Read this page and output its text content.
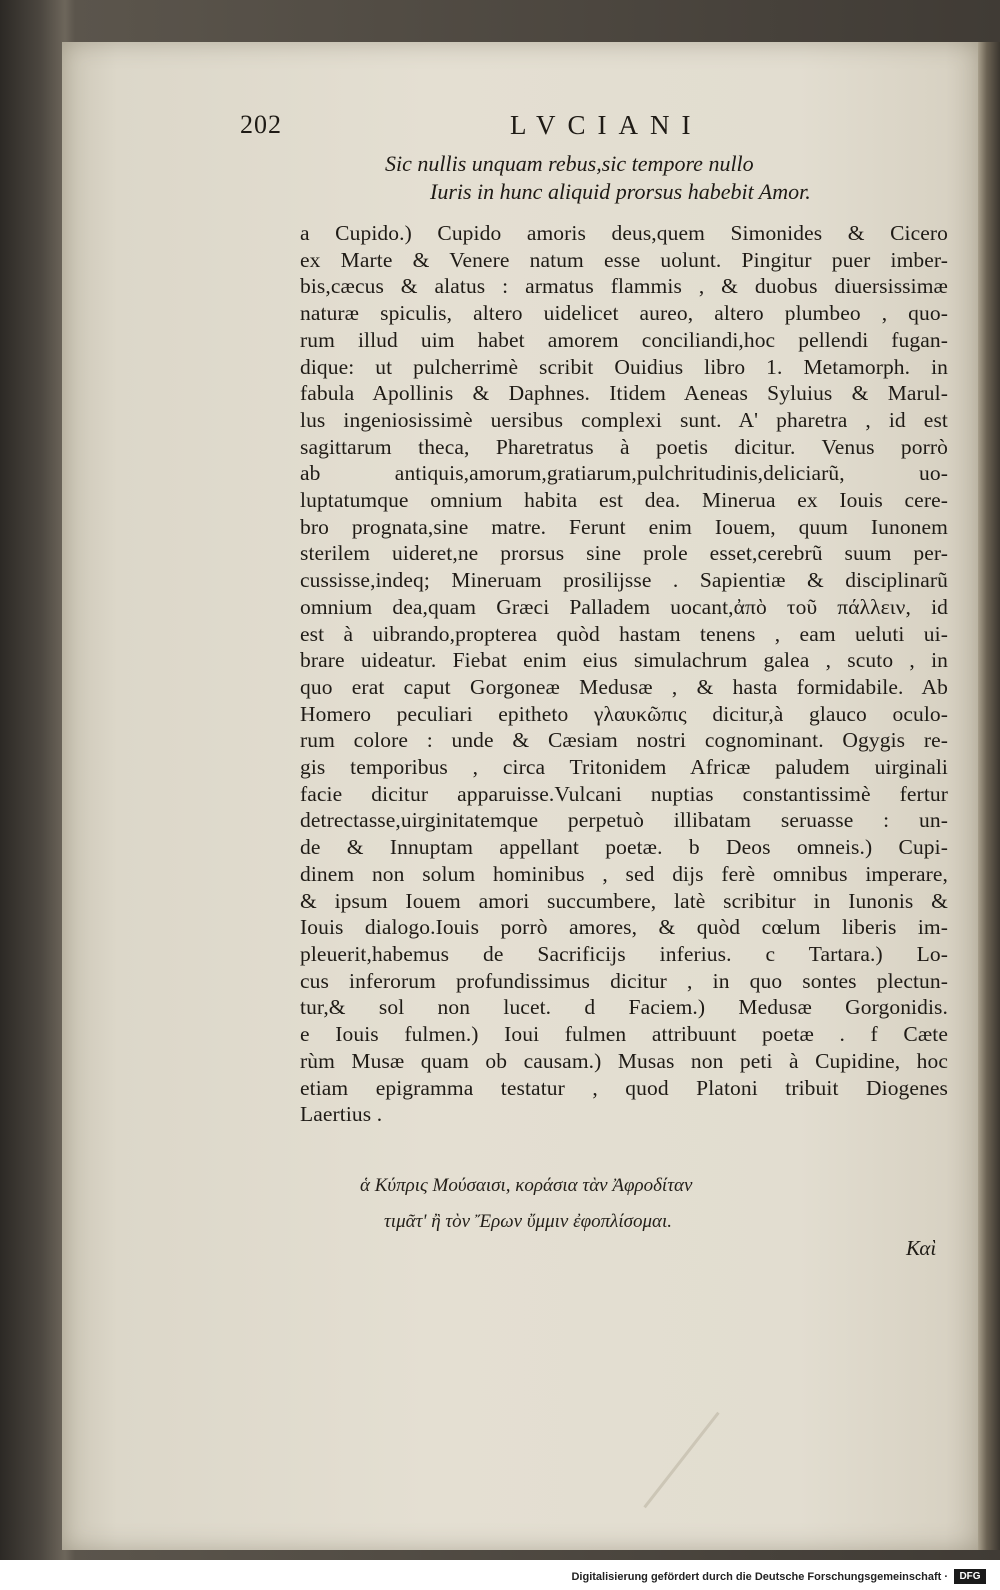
202	LVCIANI
Sic nullis unquam rebus,sic tempore nullo
Iuris in hunc aliquid prorsus habebit Amor.
a Cupido.) Cupido amoris deus,quem Simonides & Cicero
ex Marte & Venere natum esse uolunt. Pingitur puer imber-
bis,cæcus & alatus : armatus flammis , & duobus diuersissimæ
naturæ spiculis, altero uidelicet aureo, altero plumbeo , quo-
rum illud uim habet amorem conciliandi,hoc pellendi fugan-
dique: ut pulcherrimè scribit Ouidius libro 1. Metamorph. in
fabula Apollinis & Daphnes. Itidem Aeneas Syluius & Marul-
lus ingeniosissimè uersibus complexi sunt. A' pharetra , id est
sagittarum theca, Pharetratus à poetis dicitur. Venus porrò
ab antiquis,amorum,gratiarum,pulchritudinis,deliciarũ, uo-
luptatumque omnium habita est dea. Minerua ex Iouis cere-
bro prognata,sine matre. Ferunt enim Iouem, quum Iunonem
sterilem uideret,ne prorsus sine prole esset,cerebrũ suum per-
cussisse,indeq; Mineruam prosilijsse . Sapientiæ & disciplinarũ
omnium dea,quam Græci Palladem uocant,ἀπὸ τοῦ πάλλειν, id
est à uibrando,propterea quòd hastam tenens , eam ueluti ui-
brare uideatur. Fiebat enim eius simulachrum galea , scuto , in
quo erat caput Gorgoneæ Medusæ , & hasta formidabile. Ab
Homero peculiari epitheto γλαυκῶπις dicitur,à glauco oculo-
rum colore : unde & Cæsiam nostri cognominant. Ogygis re-
gis temporibus , circa Tritonidem Africæ paludem uirginali
facie dicitur apparuisse.Vulcani nuptias constantissimè fertur
detrectasse,uirginitatemque perpetuò illibatam seruasse : un-
de & Innuptam appellant poetæ. b Deos omneis.) Cupi-
dinem non solum hominibus , sed dijs ferè omnibus imperare,
& ipsum Iouem amori succumbere, latè scribitur in Iunonis &
Iouis dialogo.Iouis porrò amores, & quòd cœlum liberis im-
pleuerit,habemus de Sacrificijs inferius. c Tartara.) Lo-
cus inferorum profundissimus dicitur , in quo sontes plectun-
tur,& sol non lucet. d Faciem.) Medusæ Gorgonidis.
e Iouis fulmen.) Ioui fulmen attribuunt poetæ . f Cæte
rùm Musæ quam ob causam.) Musas non peti à Cupidine, hoc
etiam epigramma testatur , quod Platoni tribuit Diogenes
Laertius .
ἁ Κύπρις Μούσαισι, κοράσια τὰν Ἀφροδίταν
τιμᾶτ' ἢ τὸν Ἔρων ὔμμιν ἐφοπλίσομαι.
Καὶ
Digitalisierung gefördert durch die Deutsche Forschungsgemeinschaft ·	DFG
